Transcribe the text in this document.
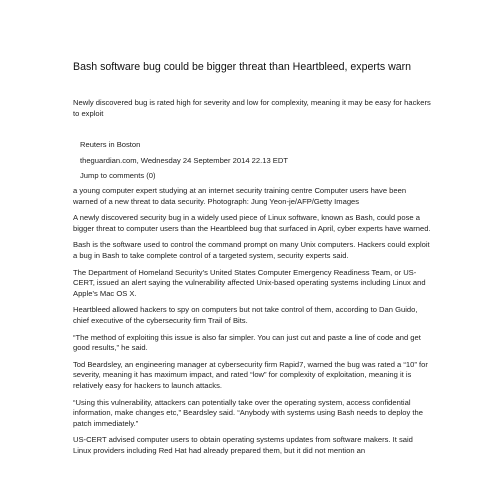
Bash software bug could be bigger threat than Heartbleed, experts warn
Newly discovered bug is rated high for severity and low for complexity, meaning it may be easy for hackers to exploit
Reuters in Boston
theguardian.com, Wednesday 24 September 2014 22.13 EDT
Jump to comments (0)

a young computer expert studying at an internet security training centre Computer users have been warned of a new threat to data security. Photograph: Jung Yeon-je/AFP/Getty Images

A newly discovered security bug in a widely used piece of Linux software, known as Bash, could pose a bigger threat to computer users than the Heartbleed bug that surfaced in April, cyber experts have warned.

Bash is the software used to control the command prompt on many Unix computers. Hackers could exploit a bug in Bash to take complete control of a targeted system, security experts said.

The Department of Homeland Security’s United States Computer Emergency Readiness Team, or US-CERT, issued an alert saying the vulnerability affected Unix-based operating systems including Linux and Apple’s Mac OS X.

Heartbleed allowed hackers to spy on computers but not take control of them, according to Dan Guido, chief executive of the cybersecurity firm Trail of Bits.

“The method of exploiting this issue is also far simpler. You can just cut and paste a line of code and get good results,” he said.

Tod Beardsley, an engineering manager at cybersecurity firm Rapid7, warned the bug was rated a “10” for severity, meaning it has maximum impact, and rated “low” for complexity of exploitation, meaning it is relatively easy for hackers to launch attacks.

“Using this vulnerability, attackers can potentially take over the operating system, access confidential information, make changes etc,” Beardsley said. “Anybody with systems using Bash needs to deploy the patch immediately.”

US-CERT advised computer users to obtain operating systems updates from software makers. It said Linux providers including Red Hat had already prepared them, but it did not mention an
